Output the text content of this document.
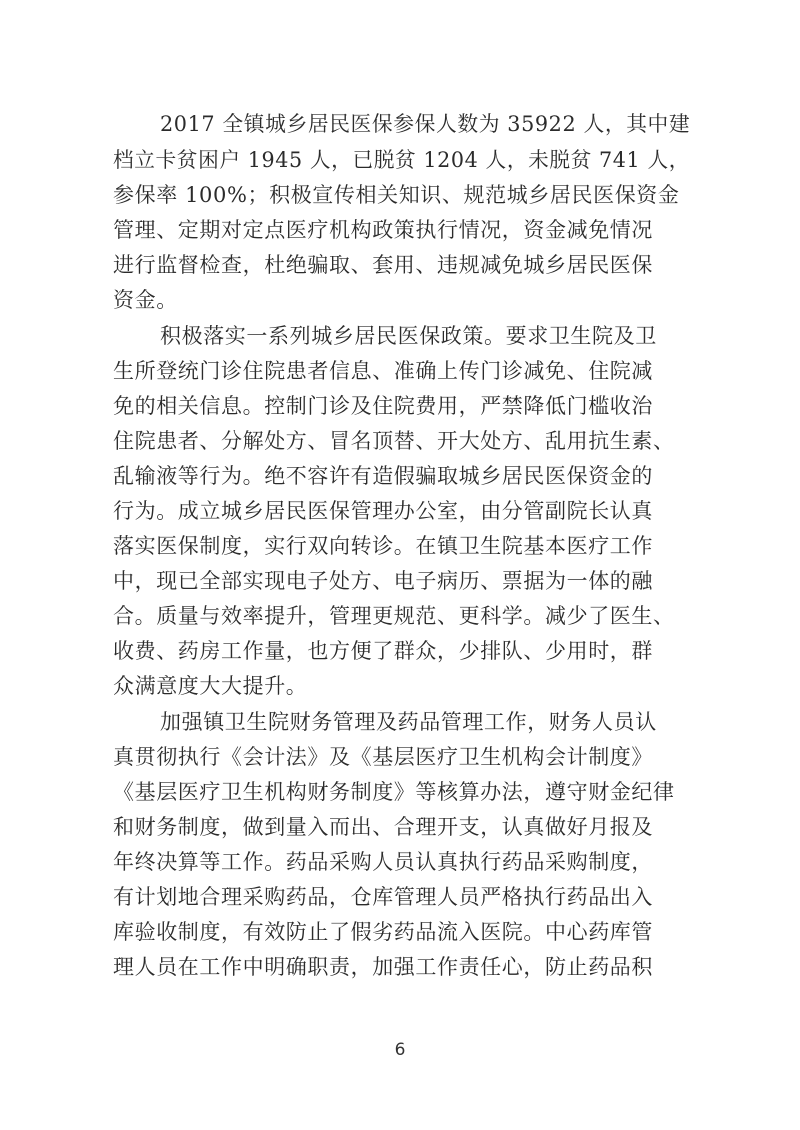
2017 全镇城乡居民医保参保人数为 35922 人，其中建
档立卡贫困户 1945 人，已脱贫 1204 人，未脱贫 741 人，
参保率 100%；积极宣传相关知识、规范城乡居民医保资金
管理、定期对定点医疗机构政策执行情况，资金减免情况
进行监督检查，杜绝骗取、套用、违规减免城乡居民医保
资金。
积极落实一系列城乡居民医保政策。要求卫生院及卫
生所登统门诊住院患者信息、准确上传门诊减免、住院减
免的相关信息。控制门诊及住院费用，严禁降低门槛收治
住院患者、分解处方、冒名顶替、开大处方、乱用抗生素、
乱输液等行为。绝不容许有造假骗取城乡居民医保资金的
行为。成立城乡居民医保管理办公室，由分管副院长认真
落实医保制度，实行双向转诊。在镇卫生院基本医疗工作
中，现已全部实现电子处方、电子病历、票据为一体的融
合。质量与效率提升，管理更规范、更科学。减少了医生、
收费、药房工作量，也方便了群众，少排队、少用时，群
众满意度大大提升。
加强镇卫生院财务管理及药品管理工作，财务人员认
真贯彻执行《会计法》及《基层医疗卫生机构会计制度》
《基层医疗卫生机构财务制度》等核算办法，遵守财金纪律
和财务制度，做到量入而出、合理开支，认真做好月报及
年终决算等工作。药品采购人员认真执行药品采购制度，
有计划地合理采购药品，仓库管理人员严格执行药品出入
库验收制度，有效防止了假劣药品流入医院。中心药库管
理人员在工作中明确职责，加强工作责任心，防止药品积
6
